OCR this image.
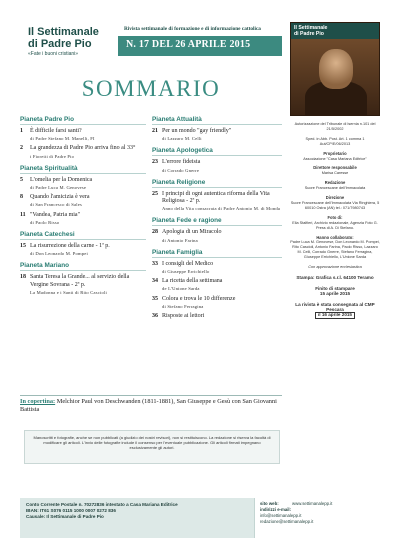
Il Settimanale
di Padre Pio
«Fate i buoni cristiani»
Rivista settimanale di formazione e di informazione cattolica
N. 17 DEL 26 APRILE 2015
Il Settimanale
di Padre Pio
SOMMARIO
Pianeta Padre Pio
1	È difficile farsi santi?
di Padre Stefano M. Manelli, FI
2	La grandezza di Padre Pio arriva fino al 33°
i Fioretti di Padre Pio
Pianeta Spiritualità
5	L'omelia per la Domenica
di Padre Luca M. Genovese
8	Quando l'amicizia è vera
di San Francesco di Sales
11 "Vandea, Patria mia"
di Paolo Risso
Pianeta Catechesi
15 La risurrezione della carne - 1ª p.
di Don Leonardo M. Pompei
Pianeta Mariano
18 Santa Teresa la Grande... al servizio della Vergine Sovrana - 2ª p.
La Madonna e i Santi di Rito Cascioli
Pianeta Attualità
21 Per un mondo "gay friendly"
di Lazzaro M. Celli
Pianeta Apologetica
23 L'errore fideista
di Corrado Gnerre
Pianeta Religione
25 I principi di ogni autentica riforma della Vita Religiosa - 2ª p.
Anno della Vita consacrata di Padre Antonio M. di Monda
Pianeta Fede e ragione
28 Apologia di un Miracolo
di Antonio Farina
Pianeta Famiglia
33 I consigli del Medico
di Giuseppe Errichiello
34 La ricetta della settimana
de L'Unione Sarda
35 Colora e trova le 10 differenze
di Stefano Ferragina
36 Risposte ai lettori
Autorizzazione del Tribunale di Isernia n.101 del 21/5/2002
Sped. in Abb. Post. Art. 1 comma 1 Aut/CP/E/06/2013
Proprietario
Associazione "Casa Mariana Editrice"
Direttore responsabile
Marisa Caresse
Redazione
Suore Francescane dell'Immacolata
Direzione
Suore Francescane dell'Immacolata Via Ringhiera, 5 60010 Ostra (AN) tel.: 071/7980743
Foto di:
Elia Stalfieri, Archivio redazionale, Agenzia Foto G. Press di A. Di Stefano.
Hanno collaborato:
Padre Luca M. Genovese, Don Leonardo M. Pompei, Rito Cascioli, Antonio Farina, Paolo Risso, Lazzaro M. Celli, Corrado Gnerre, Stefano Ferragina, Giuseppe Errichiello, L'Unione Sarda
Con approvazione ecclesiastica
Stampa: Grafica s.r.l. 64100 Teramo
Finito di stampare
15 aprile 2015
La rivista è stata consegnata al CMP Pescara
il 16 aprile 2015
In copertina: Melchior Paul von Deschwanden (1811-1881), San Giuseppe e Gesù con San Giovanni Battista
Manoscritti e fotografie, anche se non pubblicati (a giudizio dei nostri revisori), non si restituiscono. La redazione si riserva la facoltà di modificare gli articoli. L'invio delle fotografie include il consenso per l'eventuale pubblicazione. Gli articoli firmati impegnano esclusivamente gli autori.
Conto Corrente Postale n. 70272836 intestato a Casa Mariana Editrice
IBAN: IT61 S076 0115 1000 0007 0272 836
Causale: Il Settimanale di Padre Pio
sito web:	www.settimanalepp.it
indirizzi e-mail:
info@settimanalepp.it
redazione@settimanalepp.it
